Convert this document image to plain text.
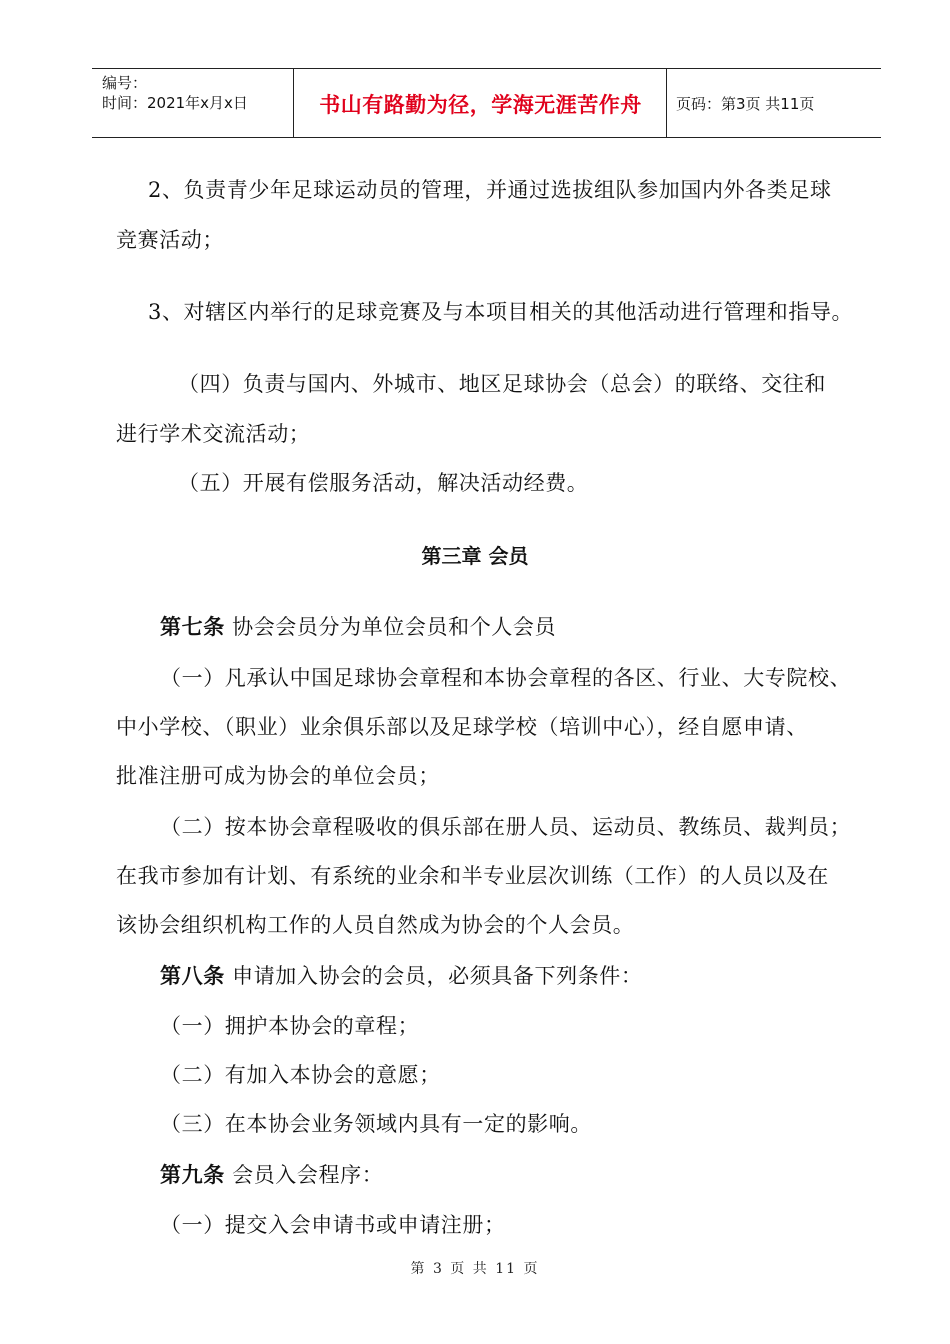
编号：
时间：2021年x月x日	书山有路勤为径，学海无涯苦作舟	页码：第3页 共11页
2、负责青少年足球运动员的管理，并通过选拔组队参加国内外各类足球
竞赛活动；
3、对辖区内举行的足球竞赛及与本项目相关的其他活动进行管理和指导。
（四）负责与国内、外城市、地区足球协会（总会）的联络、交往和
进行学术交流活动；
（五）开展有偿服务活动，解决活动经费。
第三章 会员
第七条 协会会员分为单位会员和个人会员
（一）凡承认中国足球协会章程和本协会章程的各区、行业、大专院校、
中小学校、（职业）业余俱乐部以及足球学校（培训中心），经自愿申请、
批准注册可成为协会的单位会员；
（二）按本协会章程吸收的俱乐部在册人员、运动员、教练员、裁判员；
在我市参加有计划、有系统的业余和半专业层次训练（工作）的人员以及在
该协会组织机构工作的人员自然成为协会的个人会员。
第八条 申请加入协会的会员，必须具备下列条件：
（一）拥护本协会的章程；
（二）有加入本协会的意愿；
（三）在本协会业务领域内具有一定的影响。
第九条 会员入会程序：
（一）提交入会申请书或申请注册；
第 3 页 共 11 页
